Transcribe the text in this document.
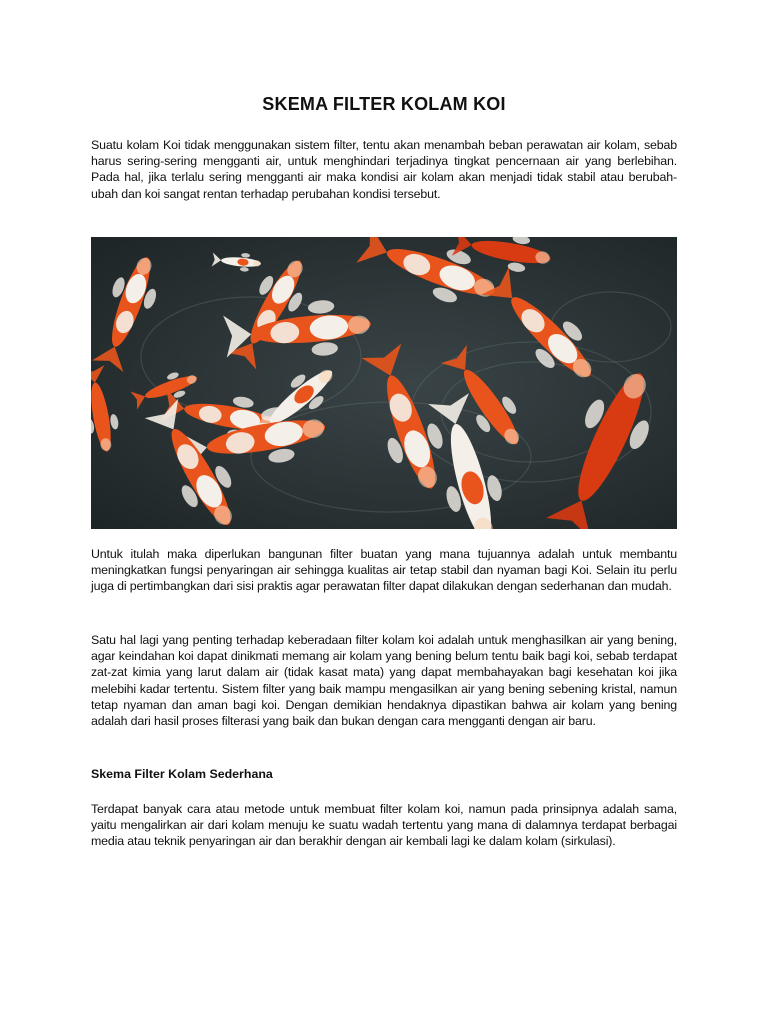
SKEMA FILTER KOLAM KOI

Suatu kolam Koi tidak menggunakan sistem filter, tentu akan menambah beban perawatan air kolam, sebab harus sering-sering mengganti air, untuk menghindari terjadinya tingkat pencernaan air yang berlebihan. Pada hal, jika terlalu sering mengganti air maka kondisi air kolam akan menjadi tidak stabil atau berubah-ubah dan koi sangat rentan terhadap perubahan kondisi tersebut.

Untuk itulah maka diperlukan bangunan filter buatan yang mana tujuannya adalah untuk membantu meningkatkan fungsi penyaringan air sehingga kualitas air tetap stabil dan nyaman bagi Koi. Selain itu perlu juga di pertimbangkan dari sisi praktis agar perawatan filter dapat dilakukan dengan sederhanan dan mudah.

Satu hal lagi yang penting terhadap keberadaan filter kolam koi adalah untuk menghasilkan air yang bening, agar keindahan koi dapat dinikmati memang air kolam yang bening belum tentu baik bagi koi, sebab terdapat zat-zat kimia yang larut dalam air (tidak kasat mata) yang dapat membahayakan bagi kesehatan koi jika melebihi kadar tertentu. Sistem filter yang baik mampu mengasilkan air yang bening sebening kristal, namun tetap nyaman dan aman bagi koi. Dengan demikian hendaknya dipastikan bahwa air kolam yang bening adalah dari hasil proses filterasi yang baik dan bukan dengan cara mengganti dengan air baru.

Skema Filter Kolam Sederhana

Terdapat banyak cara atau metode untuk membuat filter kolam koi, namun pada prinsipnya adalah sama, yaitu mengalirkan air dari kolam menuju ke suatu wadah tertentu yang mana di dalamnya terdapat berbagai media atau teknik penyaringan air dan berakhir dengan air kembali lagi ke dalam kolam (sirkulasi).
